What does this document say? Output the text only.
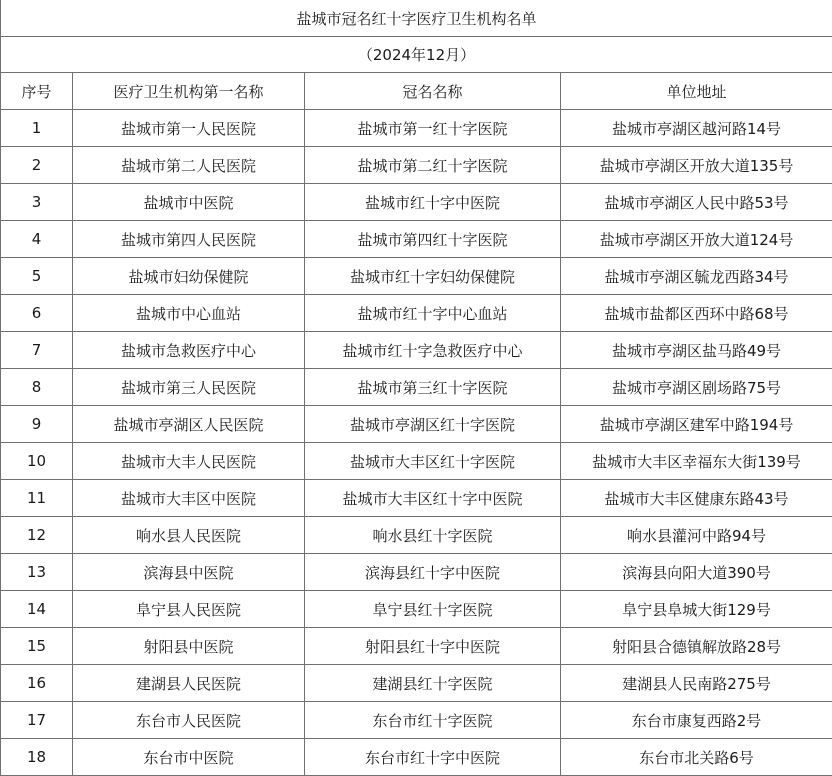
盐城市冠名红十字医疗卫生机构名单			
（2024年12月）			
序号	医疗卫生机构第一名称	冠名名称	单位地址
1	盐城市第一人民医院	盐城市第一红十字医院	盐城市亭湖区越河路14号
2	盐城市第二人民医院	盐城市第二红十字医院	盐城市亭湖区开放大道135号
3	盐城市中医院	盐城市红十字中医院	盐城市亭湖区人民中路53号
4	盐城市第四人民医院	盐城市第四红十字医院	盐城市亭湖区开放大道124号
5	盐城市妇幼保健院	盐城市红十字妇幼保健院	盐城市亭湖区毓龙西路34号
6	盐城市中心血站	盐城市红十字中心血站	盐城市盐都区西环中路68号
7	盐城市急救医疗中心	盐城市红十字急救医疗中心	盐城市亭湖区盐马路49号
8	盐城市第三人民医院	盐城市第三红十字医院	盐城市亭湖区剧场路75号
9	盐城市亭湖区人民医院	盐城市亭湖区红十字医院	盐城市亭湖区建军中路194号
10	盐城市大丰人民医院	盐城市大丰区红十字医院	盐城市大丰区幸福东大街139号
11	盐城市大丰区中医院	盐城市大丰区红十字中医院	盐城市大丰区健康东路43号
12	响水县人民医院	响水县红十字医院	响水县灌河中路94号
13	滨海县中医院	滨海县红十字中医院	滨海县向阳大道390号
14	阜宁县人民医院	阜宁县红十字医院	阜宁县阜城大街129号
15	射阳县中医院	射阳县红十字中医院	射阳县合德镇解放路28号
16	建湖县人民医院	建湖县红十字医院	建湖县人民南路275号
17	东台市人民医院	东台市红十字医院	东台市康复西路2号
18	东台市中医院	东台市红十字中医院	东台市北关路6号
